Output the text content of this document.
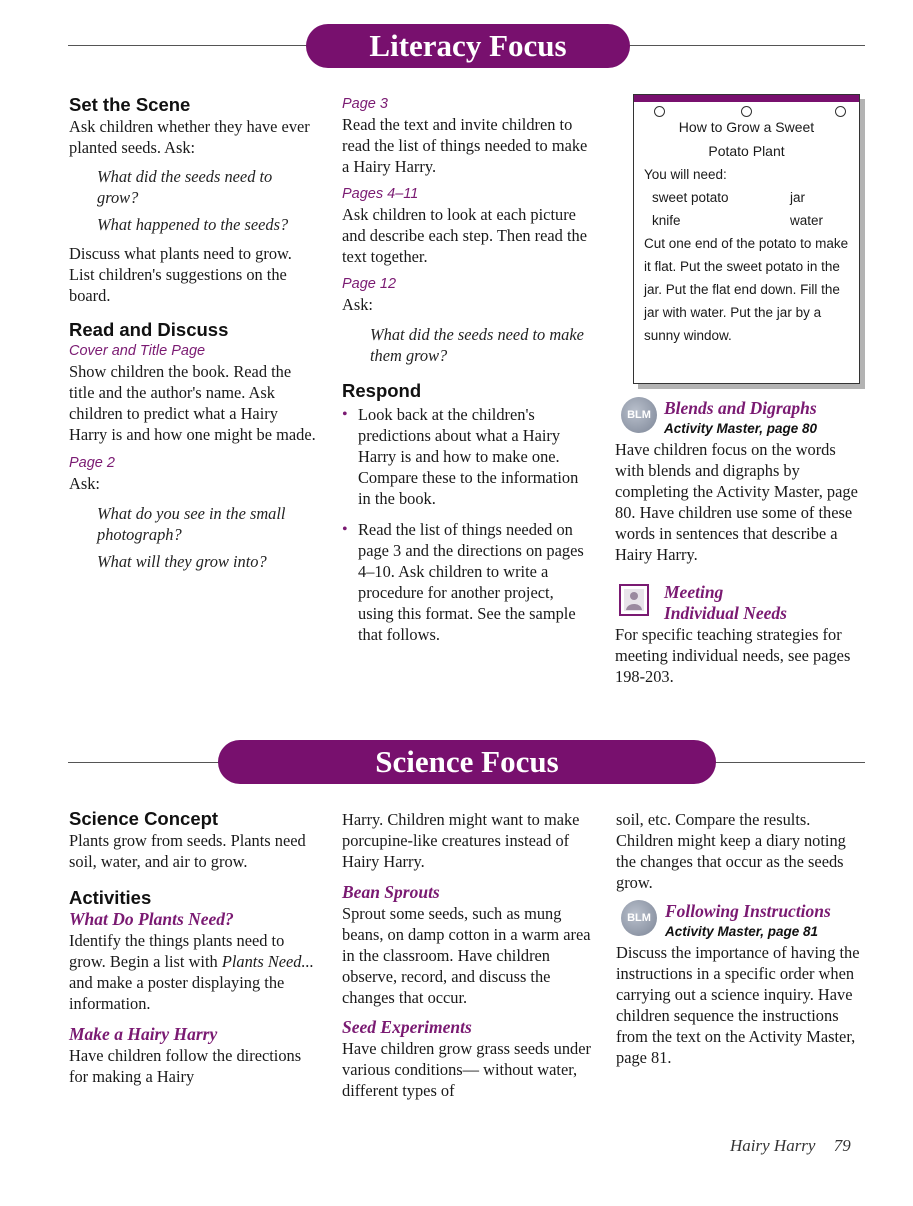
Literacy Focus
Set the Scene

Ask children whether they have ever planted seeds. Ask:

What did the seeds need to grow?

What happened to the seeds?

Discuss what plants need to grow. List children's suggestions on the board.

Read and Discuss

Cover and Title Page

Show children the book. Read the title and the author's name. Ask children to predict what a Hairy Harry is and how one might be made.

Page 2

Ask:

What do you see in the small photograph?

What will they grow into?

Page 3

Read the text and invite children to read the list of things needed to make a Hairy Harry.

Pages 4–11

Ask children to look at each picture and describe each step. Then read the text together.

Page 12

Ask:

What did the seeds need to make them grow?

Respond
• Look back at the children's predictions about what a Hairy Harry is and how to make one. Compare these to the information in the book.
• Read the list of things needed on page 3 and the directions on pages 4–10. Ask children to write a procedure for another project, using this format. See the sample that follows.
How to Grow a Sweet
Potato Plant
You will need:
sweet potato	jar
knife	water
Cut one end of the potato to make it flat. Put the sweet potato in the jar. Put the flat end down. Fill the jar with water. Put the jar by a sunny window.
BLM Blends and Digraphs

Activity Master, page 80

Have children focus on the words with blends and digraphs by completing the Activity Master, page 80. Have children use some of these words in sentences that describe a Hairy Harry.

Meeting

Individual Needs

For specific teaching strategies for meeting individual needs, see pages 198-203.

Science Focus
Science Concept

Plants grow from seeds. Plants need soil, water, and air to grow.

Activities

What Do Plants Need?

Identify the things plants need to grow. Begin a list with Plants Need... and make a poster displaying the information.

Make a Hairy Harry

Have children follow the directions for making a Hairy

Harry. Children might want to make porcupine-like creatures instead of Hairy Harry.

Bean Sprouts

Sprout some seeds, such as mung beans, on damp cotton in a warm area in the classroom. Have children observe, record, and discuss the changes that occur.

Seed Experiments

Have children grow grass seeds under various conditions— without water, different types of

soil, etc. Compare the results. Children might keep a diary noting the changes that occur as the seeds grow.

BLM Following Instructions

Activity Master, page 81

Discuss the importance of having the instructions in a specific order when carrying out a science inquiry. Have children sequence the instructions from the text on the Activity Master, page 81.

Hairy Harry 79
